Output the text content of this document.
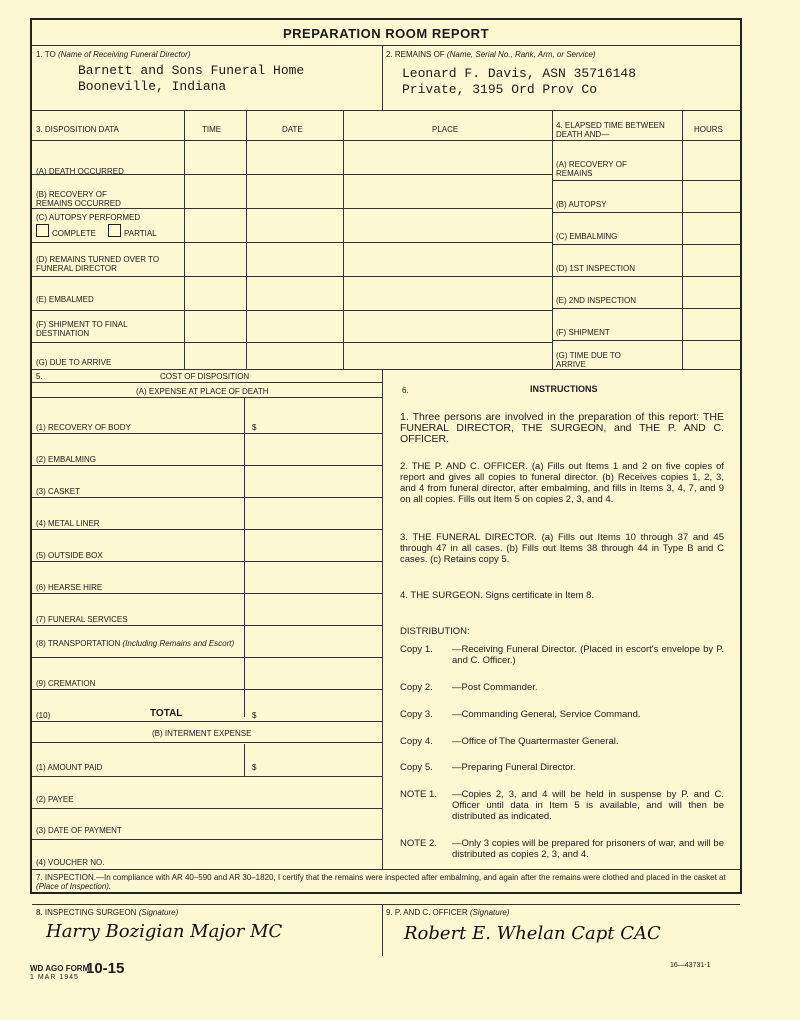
PREPARATION ROOM REPORT
1. TO (Name of Receiving Funeral Director)
Barnett and Sons Funeral Home
Booneville, Indiana
2. REMAINS OF (Name, Serial No., Rank, Arm, or Service)
Leonard F. Davis, ASN 35716148
Private, 3195 Ord Prov Co
3. DISPOSITION DATA	TIME	DATE	PLACE	4. ELAPSED TIME BETWEEN DEATH AND—
HOURS
(A) DEATH OCCURRED
(B) RECOVERY OF REMAINS OCCURRED
(C) AUTOPSY PERFORMED
COMPLETE	PARTIAL
(D) REMAINS TURNED OVER TO FUNERAL DIRECTOR
(E) EMBALMED
(F) SHIPMENT TO FINAL DESTINATION
(G) DUE TO ARRIVE
(A) RECOVERY OF REMAINS
(B) AUTOPSY
(C) EMBALMING
(D) 1ST INSPECTION
(E) 2ND INSPECTION
(F) SHIPMENT
(G) TIME DUE TO ARRIVE
5.	COST OF DISPOSITION
(A) EXPENSE AT PLACE OF DEATH
(1) RECOVERY OF BODY	$
(2) EMBALMING
(3) CASKET
(4) METAL LINER
(5) OUTSIDE BOX
(6) HEARSE HIRE
(7) FUNERAL SERVICES
(8) TRANSPORTATION (Including Remains and Escort)
(9) CREMATION
(10)	TOTAL	$
(B) INTERMENT EXPENSE
(1) AMOUNT PAID	$
(2) PAYEE
(3) DATE OF PAYMENT
(4) VOUCHER NO.
6.	INSTRUCTIONS
1. Three persons are involved in the preparation of this report: THE FUNERAL DIRECTOR, THE SURGEON, and THE P. AND C. OFFICER.
2. THE P. AND C. OFFICER. (a) Fills out Items 1 and 2 on five copies of report and gives all copies to funeral director. (b) Receives copies 1, 2, 3, and 4 from funeral director, after embalming, and fills in Items 3, 4, 7, and 9 on all copies. Fills out Item 5 on copies 2, 3, and 4.
3. THE FUNERAL DIRECTOR. (a) Fills out Items 10 through 37 and 45 through 47 in all cases. (b) Fills out Items 38 through 44 in Type B and C cases. (c) Retains copy 5.
4. THE SURGEON. Signs certificate in Item 8.
DISTRIBUTION:
Copy 1.	—Receiving Funeral Director. (Placed in escort's envelope by P. and C. Officer.)
Copy 2.	—Post Commander.
Copy 3.	—Commanding General, Service Command.
Copy 4.	—Office of The Quartermaster General.
Copy 5.	—Preparing Funeral Director.
NOTE 1.	—Copies 2, 3, and 4 will be held in suspense by P. and C. Officer until data in Item 5 is available, and will then be distributed as indicated.
NOTE 2.	—Only 3 copies will be prepared for prisoners of war, and will be distributed as copies 2, 3, and 4.
7. INSPECTION.—In compliance with AR 40–590 and AR 30–1820, I certify that the remains were inspected after embalming, and again after the remains were clothed and placed in the casket at (Place of Inspection).
8. INSPECTING SURGEON (Signature)
Harry Bozigian Major MC
9. P. AND C. OFFICER (Signature)
Robert E. Whelan Capt CAC
WD AGO FORM
1 MAR 1945
10-15	16—43731-1
